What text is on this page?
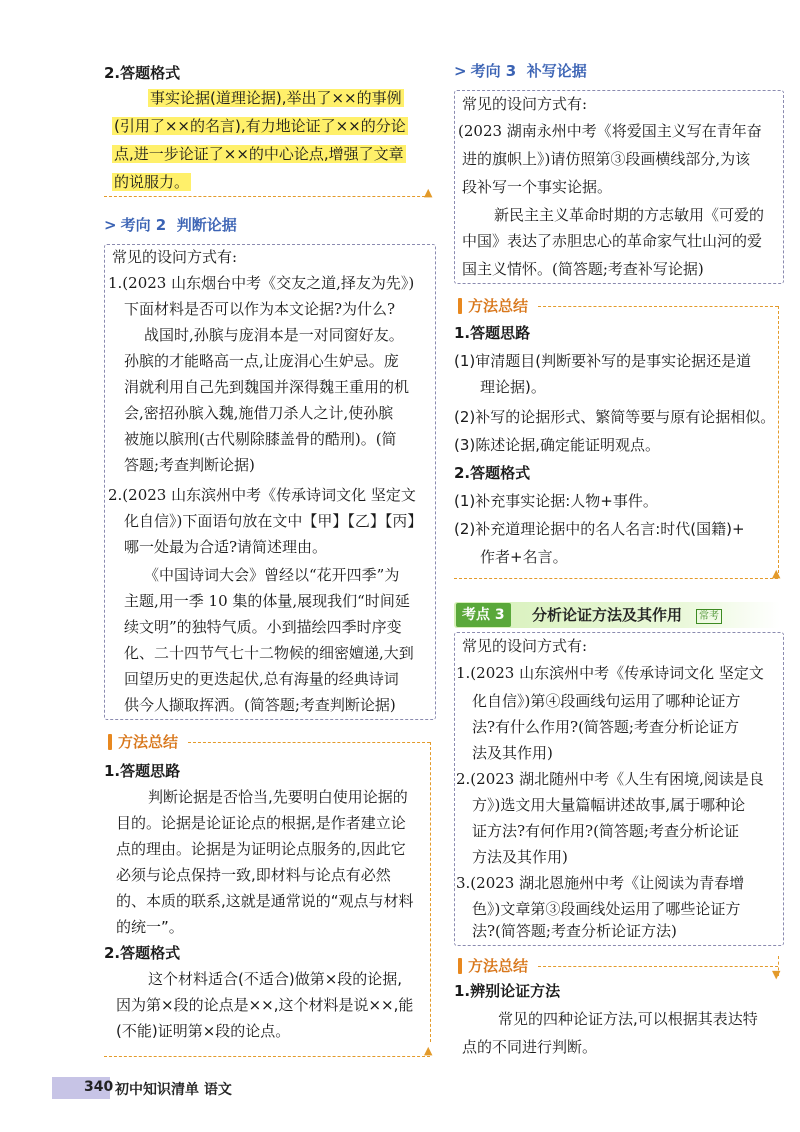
2.答题格式
事实论据(道理论据),举出了××的事例
(引用了××的名言),有力地论证了××的分论
点,进一步论证了××的中心论点,增强了文章
的说服力。
▲
> 考向 2 判断论据
常见的设问方式有:
1.(2023 山东烟台中考《交友之道,择友为先》)
下面材料是否可以作为本文论据?为什么?
战国时,孙膑与庞涓本是一对同窗好友。
孙膑的才能略高一点,让庞涓心生妒忌。庞
涓就利用自己先到魏国并深得魏王重用的机
会,密招孙膑入魏,施借刀杀人之计,使孙膑
被施以膑刑(古代剔除膝盖骨的酷刑)。(简
答题;考查判断论据)
2.(2023 山东滨州中考《传承诗词文化 坚定文
化自信》)下面语句放在文中【甲】【乙】【丙】
哪一处最为合适?请简述理由。
《中国诗词大会》曾经以“花开四季”为
主题,用一季 10 集的体量,展现我们“时间延
续文明”的独特气质。小到描绘四季时序变
化、二十四节气七十二物候的细密嬗递,大到
回望历史的更迭起伏,总有海量的经典诗词
供今人撷取挥洒。(简答题;考查判断论据)
方法总结
1.答题思路
判断论据是否恰当,先要明白使用论据的
目的。论据是论证论点的根据,是作者建立论
点的理由。论据是为证明论点服务的,因此它
必须与论点保持一致,即材料与论点有必然
的、本质的联系,这就是通常说的“观点与材料
的统一”。
2.答题格式
这个材料适合(不适合)做第×段的论据,
因为第×段的论点是××,这个材料是说××,能
(不能)证明第×段的论点。
▲
> 考向 3 补写论据
常见的设问方式有:
(2023 湖南永州中考《将爱国主义写在青年奋
进的旗帜上》)请仿照第③段画横线部分,为该
段补写一个事实论据。
新民主主义革命时期的方志敏用《可爱的
中国》表达了赤胆忠心的革命家气壮山河的爱
国主义情怀。(简答题;考查补写论据)
方法总结
1.答题思路
(1)审清题目(判断要补写的是事实论据还是道
理论据)。
(2)补写的论据形式、繁简等要与原有论据相似。
(3)陈述论据,确定能证明观点。
2.答题格式
(1)补充事实论据:人物+事件。
(2)补充道理论据中的名人名言:时代(国籍)+
作者+名言。
▲
考点 3	分析论证方法及其作用	常考
常见的设问方式有:
1.(2023 山东滨州中考《传承诗词文化 坚定文
化自信》)第④段画线句运用了哪种论证方
法?有什么作用?(简答题;考查分析论证方
法及其作用)
2.(2023 湖北随州中考《人生有困境,阅读是良
方》)选文用大量篇幅讲述故事,属于哪种论
证方法?有何作用?(简答题;考查分析论证
方法及其作用)
3.(2023 湖北恩施州中考《让阅读为青春增
色》)文章第③段画线处运用了哪些论证方
法?(简答题;考查分析论证方法)
方法总结	▼
1.辨别论证方法
常见的四种论证方法,可以根据其表达特
点的不同进行判断。
340 初中知识清单 语文
